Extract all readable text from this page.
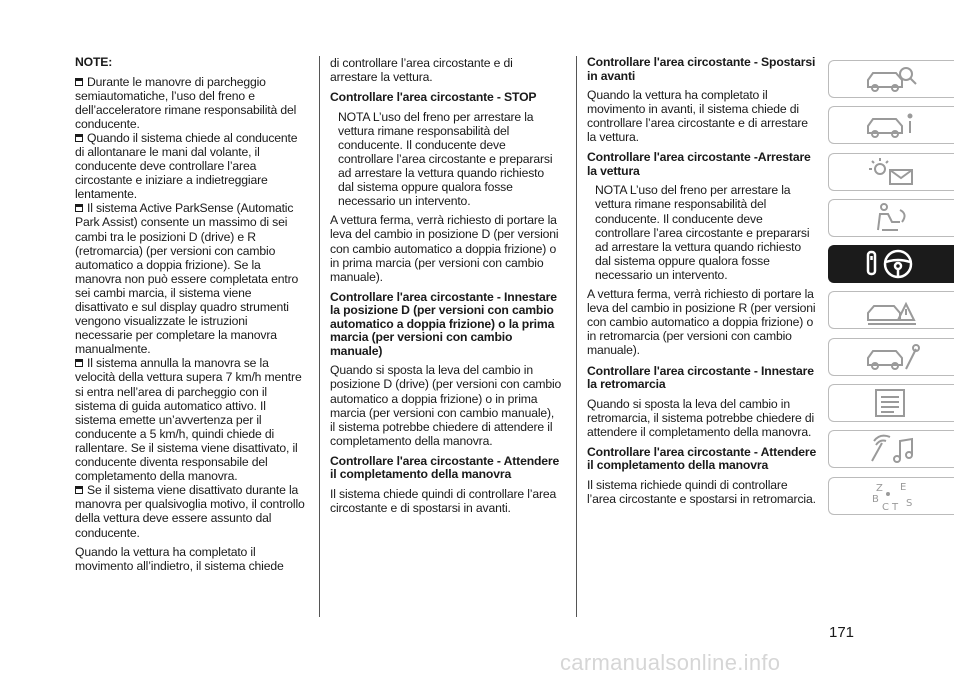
NOTE:

Durante le manovre di parcheggio semiautomatiche, l’uso del freno e dell’acceleratore rimane responsabilità del conducente.

Quando il sistema chiede al conducente di allontanare le mani dal volante, il conducente deve controllare l’area circostante e iniziare a indietreggiare lentamente.

Il sistema Active ParkSense (Automatic Park Assist) consente un massimo di sei cambi tra le posizioni D (drive) e R (retromarcia) (per versioni con cambio automatico a doppia frizione). Se la manovra non può essere completata entro sei cambi marcia, il sistema viene disattivato e sul display quadro strumenti vengono visualizzate le istruzioni necessarie per completare la manovra manualmente.

Il sistema annulla la manovra se la velocità della vettura supera 7 km/h mentre si entra nell’area di parcheggio con il sistema di guida automatico attivo. Il sistema emette un’avvertenza per il conducente a 5 km/h, quindi chiede di rallentare. Se il sistema viene disattivato, il conducente diventa responsabile del completamento della manovra.

Se il sistema viene disattivato durante la manovra per qualsivoglia motivo, il controllo della vettura deve essere assunto dal conducente.

Quando la vettura ha completato il movimento all’indietro, il sistema chiede

di controllare l’area circostante e di arrestare la vettura.

Controllare l'area circostante - STOP

NOTA L’uso del freno per arrestare la vettura rimane responsabilità del conducente. Il conducente deve controllare l’area circostante e prepararsi ad arrestare la vettura quando richiesto dal sistema oppure qualora fosse necessario un intervento.

A vettura ferma, verrà richiesto di portare la leva del cambio in posizione D (per versioni con cambio automatico a doppia frizione) o in prima marcia (per versioni con cambio manuale).

Controllare l'area circostante - Innestare la posizione D (per versioni con cambio automatico a doppia frizione) o la prima marcia (per versioni con cambio manuale)

Quando si sposta la leva del cambio in posizione D (drive) (per versioni con cambio automatico a doppia frizione) o in prima marcia (per versioni con cambio manuale), il sistema potrebbe chiedere di attendere il completamento della manovra.

Controllare l'area circostante - Attendere il completamento della manovra

Il sistema chiede quindi di controllare l’area circostante e di spostarsi in avanti.

Controllare l'area circostante - Spostarsi in avanti

Quando la vettura ha completato il movimento in avanti, il sistema chiede di controllare l’area circostante e di arrestare la vettura.

Controllare l'area circostante -Arrestare la vettura

NOTA L’uso del freno per arrestare la vettura rimane responsabilità del conducente. Il conducente deve controllare l’area circostante e prepararsi ad arrestare la vettura quando richiesto dal sistema oppure qualora fosse necessario un intervento.

A vettura ferma, verrà richiesto di portare la leva del cambio in posizione R (per versioni con cambio automatico a doppia frizione) o in retromarcia (per versioni con cambio manuale).

Controllare l'area circostante - Innestare la retromarcia

Quando si sposta la leva del cambio in retromarcia, il sistema potrebbe chiedere di attendere il completamento della manovra.

Controllare l'area circostante - Attendere il completamento della manovra

Il sistema richiede quindi di controllare l’area circostante e spostarsi in retromarcia.

Z E
B
C T S
171
carmanualsonline.info
